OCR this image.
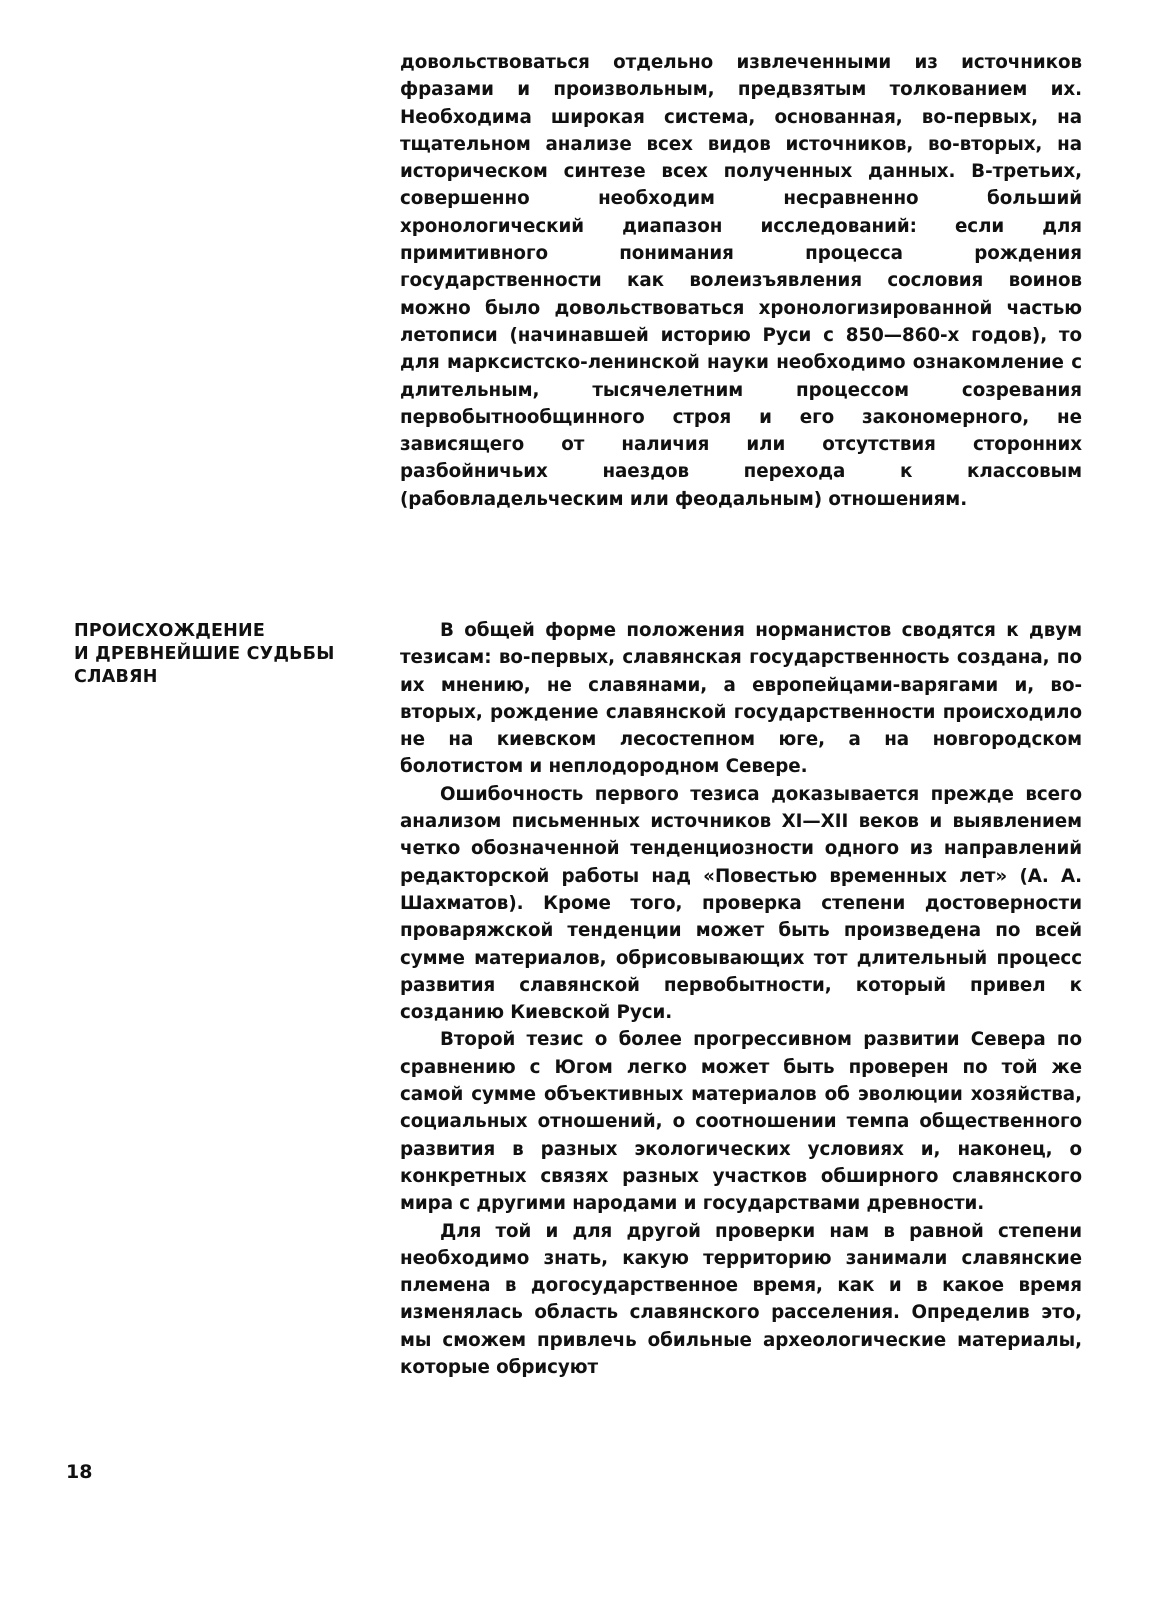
довольствоваться отдельно извлеченными из источников фразами и произвольным, предвзятым толкованием их. Необходима широкая система, основанная, во-первых, на тщательном анализе всех видов источников, во-вторых, на историческом синтезе всех полученных данных. В-третьих, совершенно необходим несравненно больший хронологический диапазон исследований: если для примитивного понимания процесса рождения государственности как волеизъявления сословия воинов можно было довольствоваться хронологизированной частью летописи (начинавшей историю Руси с 850—860-х годов), то для марксистско-ленинской науки необходимо ознакомление с длительным, тысячелетним процессом созревания первобытнообщинного строя и его закономерного, не зависящего от наличия или отсутствия сторонних разбойничьих наездов перехода к классовым (рабовладельческим или феодальным) отношениям.

ПРОИСХОЖДЕНИЕ
И ДРЕВНЕЙШИЕ СУДЬБЫ
СЛАВЯН

В общей форме положения норманистов сводятся к двум тезисам: во-первых, славянская государственность создана, по их мнению, не славянами, а европейцами-варягами и, во-вторых, рождение славянской государственности происходило не на киевском лесостепном юге, а на новгородском болотистом и неплодородном Севере.

Ошибочность первого тезиса доказывается прежде всего анализом письменных источников XI—XII веков и выявлением четко обозначенной тенденциозности одного из направлений редакторской работы над «Повестью временных лет» (А. А. Шахматов). Кроме того, проверка степени достоверности проваряжской тенденции может быть произведена по всей сумме материалов, обрисовывающих тот длительный процесс развития славянской первобытности, который привел к созданию Киевской Руси.

Второй тезис о более прогрессивном развитии Севера по сравнению с Югом легко может быть проверен по той же самой сумме объективных материалов об эволюции хозяйства, социальных отношений, о соотношении темпа общественного развития в разных экологических условиях и, наконец, о конкретных связях разных участков обширного славянского мира с другими народами и государствами древности.

Для той и для другой проверки нам в равной степени необходимо знать, какую территорию занимали славянские племена в догосударственное время, как и в какое время изменялась область славянского расселения. Определив это, мы сможем привлечь обильные археологические материалы, которые обрисуют

18
